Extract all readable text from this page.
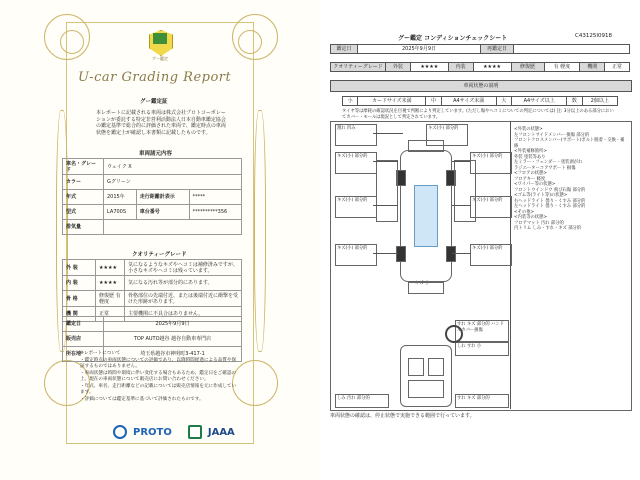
グー鑑定
U-car Grading Report
グー鑑定証
本レポートに記載される車両は株式会社プロトコーポレーションが委託する特定非営利活動法人日本自動車鑑定協会の鑑定基準で総合的に評価された車両で、鑑定時点の車両状態を鑑定士が確認し本書類に記載したものです。
車両諸元内容
車名・グレード	ウェイク X		
カラー	Gグリーン		
年式	2015年	走行距離計表示	*****
型式	LA700S	車台番号	**********356
排気量			
クオリティーグレード
外 装	★★★★	気になるようなキズやヘコミは補修済みですが、小さなキズやヘコミは残っています。
内 装	★★★★	気になる汚れ等が部分的にあります。
骨 格	修復歴 有 軽度	骨格部位の先端付近、または後端付近に衝撃を受けた形跡があります。
機 関	正常	主要機関に不具合はありません。
鑑定日	2025年9月9日
販売店	TOP AUTO越谷 越谷自動車専門店
所在地	埼玉県越谷市神明町3-417-1
※レポートについて
・鑑定時点の車両状態についての評価であり、以降時間経過による品質や保証するものではありません。
・車両状態は時間や環境に伴い変化する場合もあるため、鑑定日をご確認の上、現在の車両状態について販売店にお問い合わせください。
・年式、車名、走行距離などの記載については販売店情報を元に作成しています。
・評価については鑑定基準に基づいて評価されたものです。
PROTO	JAAA
グー鑑定 コンディションチェックシート	C43125I0918
鑑定日	2025年9月9日	再鑑定日	
クオリティーグレード	外装	★★★★	内装	★★★★	修復歴	有 軽度	機関	正常
車両状態の説明
小	カードサイズ未満	中	A4サイズ未満	大	A4サイズ以上	数	2個以上
タイヤ等は摩耗の確認状況を目視で判断により判定しています。(ただし傷やヘコミについての判定については) 注: 3分以上のある部分においてカバー・モールは現況として判定されています。
割れ 凹み	キズ(小) 部分的
キズ(小) 部分的	キズ(小) 部分的
キズ(小) 部分的	キズ(小) 部分的
キズ(小) 部分的	キズ(小) 部分的
キズ 小
すれ キズ 部分的 ハンドルカバー損傷
しわ すれ 小
しみ 汚れ 部分的	すれ キズ 部分的
<外装の状態>
左フロントサイドメンバー 損傷 部分的
フロントクロスメンバー(サポート)ボルト脱着・交換・補修
<外装補修箇所>
外装 塗装等あり
左ミラー・フェンダー・塗装剥がれ
ラジエーターコアサポート 損傷
<フロアの状態>
フロアキー 軽度
<ワイパー等の状態>
フロントウインドウ 飛び石傷 部分的
<ゴム等(ライト等)の状態>
右ヘッドライト 曇り・くすみ 部分的
左ヘッドライト 曇り・くすみ 部分的
<その他>
<内装等の状態>
フロアマット 汚れ 部分的
内トリム しみ・すれ・キズ 部分的
車両状態の確認は、停止状態で実施できる範囲で行っています。
